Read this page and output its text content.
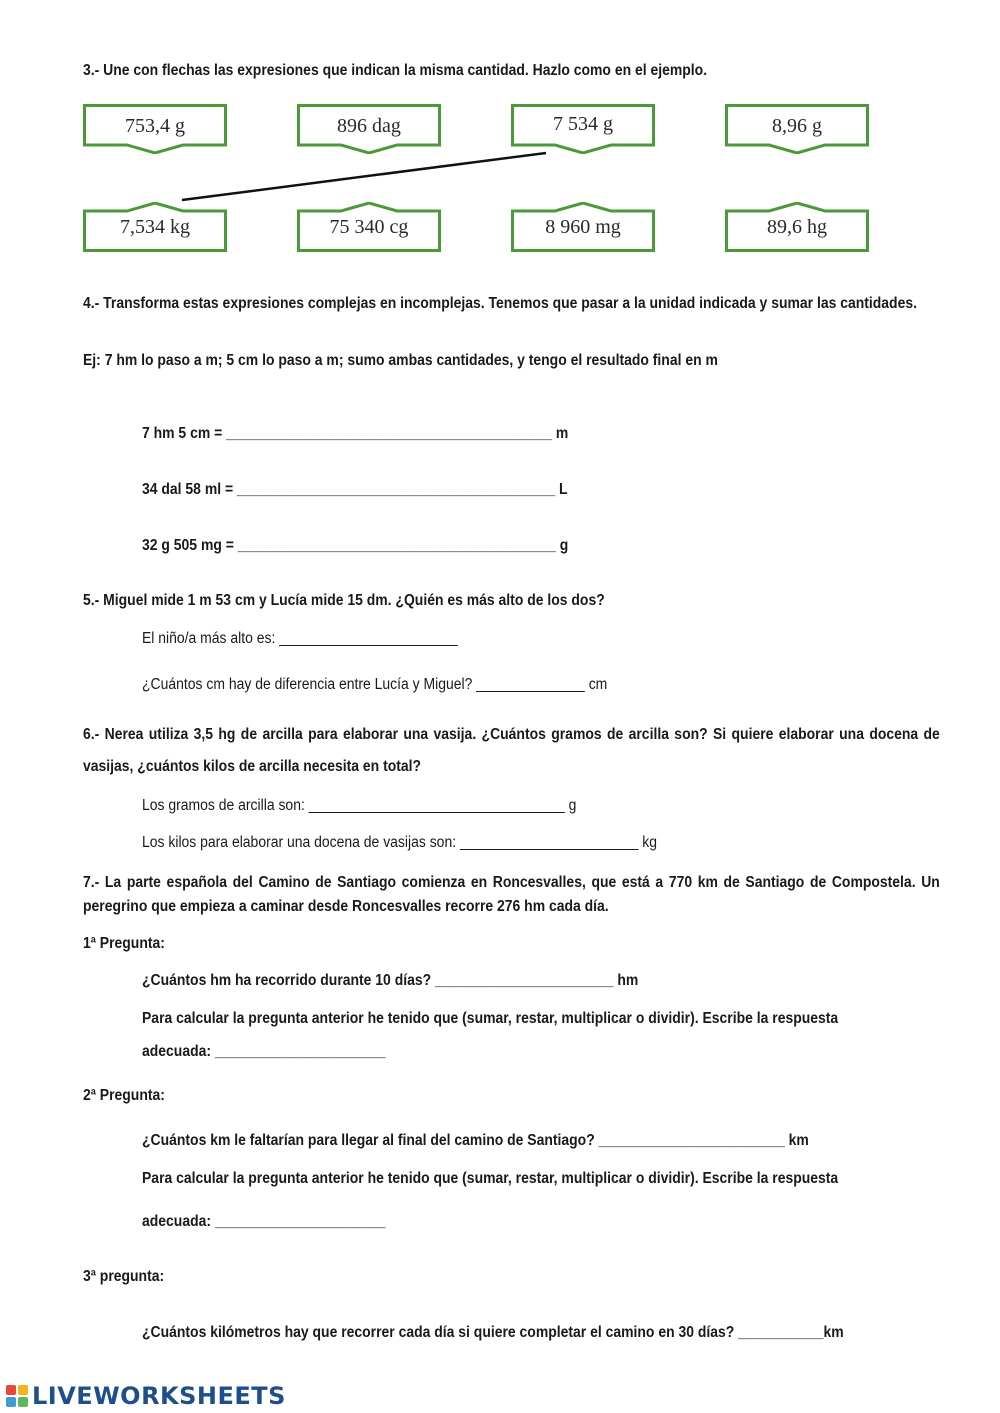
3.- Une con flechas las expresiones que indican la misma cantidad. Hazlo como en el ejemplo.
753,4 g	896 dag	7 534 g	8,96 g
7,534 kg	75 340 cg	8 960 mg	89,6 hg
4.- Transforma estas expresiones complejas en incomplejas. Tenemos que pasar a la unidad indicada y sumar las cantidades.
Ej: 7 hm lo paso a m; 5 cm lo paso a m; sumo ambas cantidades, y tengo el resultado final en m
7 hm 5 cm = __________________________________________ m
34 dal 58 ml = _________________________________________ L
32 g 505 mg = _________________________________________ g
5.- Miguel mide 1 m 53 cm y Lucía mide 15 dm. ¿Quién es más alto de los dos?
El niño/a más alto es: _______________________
¿Cuántos cm hay de diferencia entre Lucía y Miguel? ______________ cm
6.- Nerea utiliza 3,5 hg de arcilla para elaborar una vasija. ¿Cuántos gramos de arcilla son? Si quiere elaborar una docena de vasijas, ¿cuántos kilos de arcilla necesita en total?
Los gramos de arcilla son: _________________________________ g
Los kilos para elaborar una docena de vasijas son: _______________________ kg
7.- La parte española del Camino de Santiago comienza en Roncesvalles, que está a 770 km de Santiago de Compostela. Un peregrino que empieza a caminar desde Roncesvalles recorre 276 hm cada día.
1ª Pregunta:
¿Cuántos hm ha recorrido durante 10 días? _______________________ hm
Para calcular la pregunta anterior he tenido que (sumar, restar, multiplicar o dividir). Escribe la respuesta
adecuada: ______________________
2ª Pregunta:
¿Cuántos km le faltarían para llegar al final del camino de Santiago? ________________________ km
Para calcular la pregunta anterior he tenido que (sumar, restar, multiplicar o dividir). Escribe la respuesta
adecuada: ______________________
3ª pregunta:
¿Cuántos kilómetros hay que recorrer cada día si quiere completar el camino en 30 días? ___________km
LIVEWORKSHEETS
